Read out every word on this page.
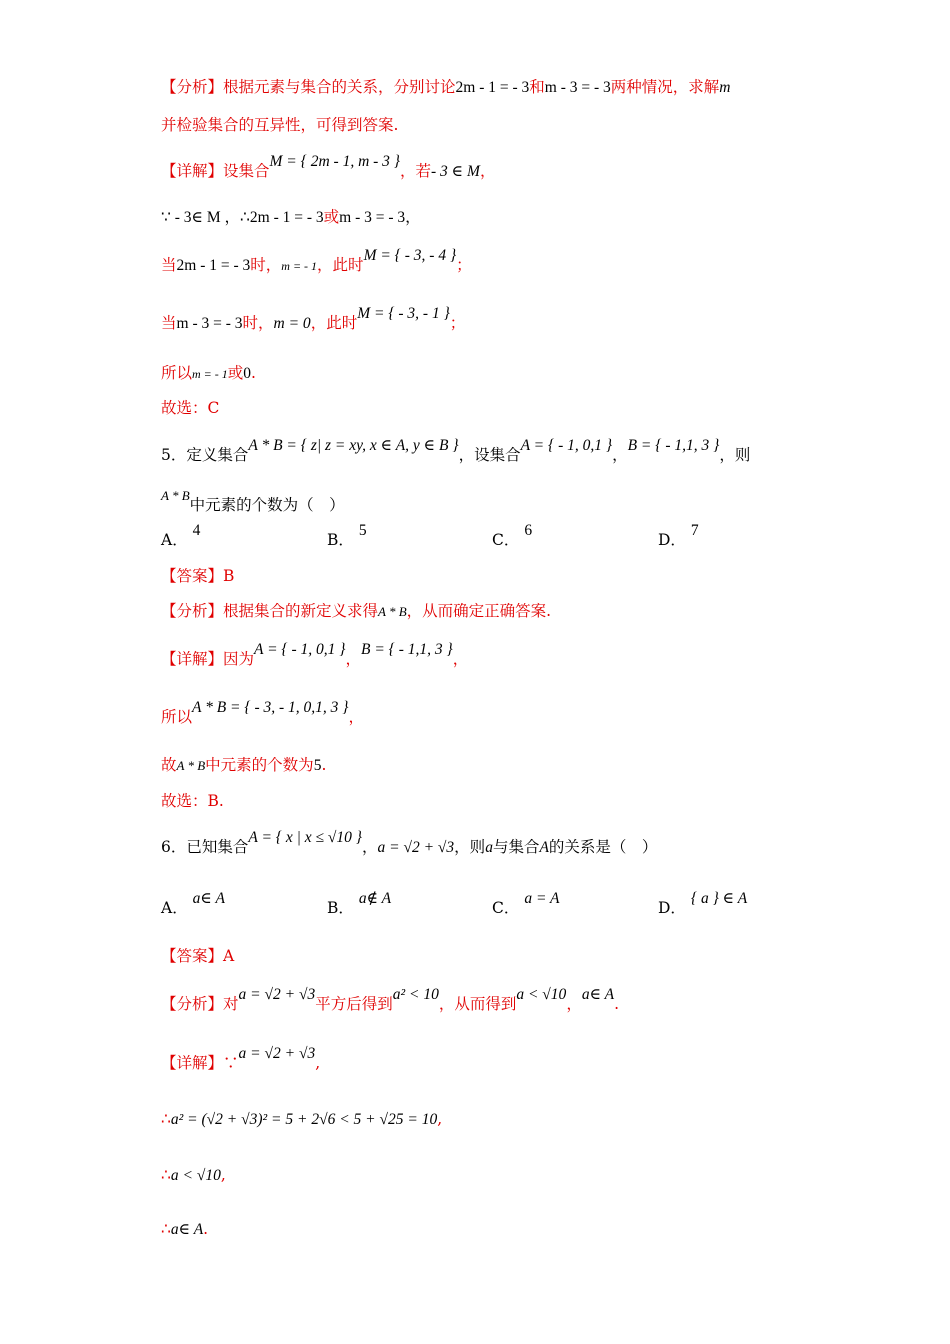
【分析】根据元素与集合的关系，分别讨论2m - 1 = - 3和m - 3 = - 3两种情况，求解m
并检验集合的互异性，可得到答案.
【详解】设集合M = { 2m - 1, m - 3 }，若- 3 ∈ M，
∵ - 3∈ M ，∴2m - 1 = - 3或m - 3 = - 3，
当2m - 1 = - 3时，m = - 1，此时M = { - 3, - 4 }；
当m - 3 = - 3时，m = 0，此时M = { - 3, - 1 }；
所以m = - 1或0.
故选：C
5．定义集合A * B = { z| z = xy, x ∈ A, y ∈ B }，设集合A = { - 1, 0,1 }，B = { - 1,1, 3 }，则
$^{A * B}$中元素的个数为（　）
A． 4
B． 5
C． 6
D． 7
【答案】B
【分析】根据集合的新定义求得A * B，从而确定正确答案.
【详解】因为A = { - 1, 0,1 }，B = { - 1,1, 3 }，
所以A * B = { - 3, - 1, 0,1, 3 }，
故A * B中元素的个数为5.
故选：B.
6．已知集合A = { x | x ≤ √10 }，a = √2 + √3，则a与集合A的关系是（　）
A． a∈ A
B． a∉ A
C． a = A
D． { a } ∈ A
【答案】A
【分析】对a = √2 + √3平方后得到a² < 10，从而得到a < √10，a∈ A.
【详解】∵a = √2 + √3,
∴a² = (√2 + √3)² = 5 + 2√6 < 5 + √25 = 10,
∴a < √10,
∴a∈ A.
